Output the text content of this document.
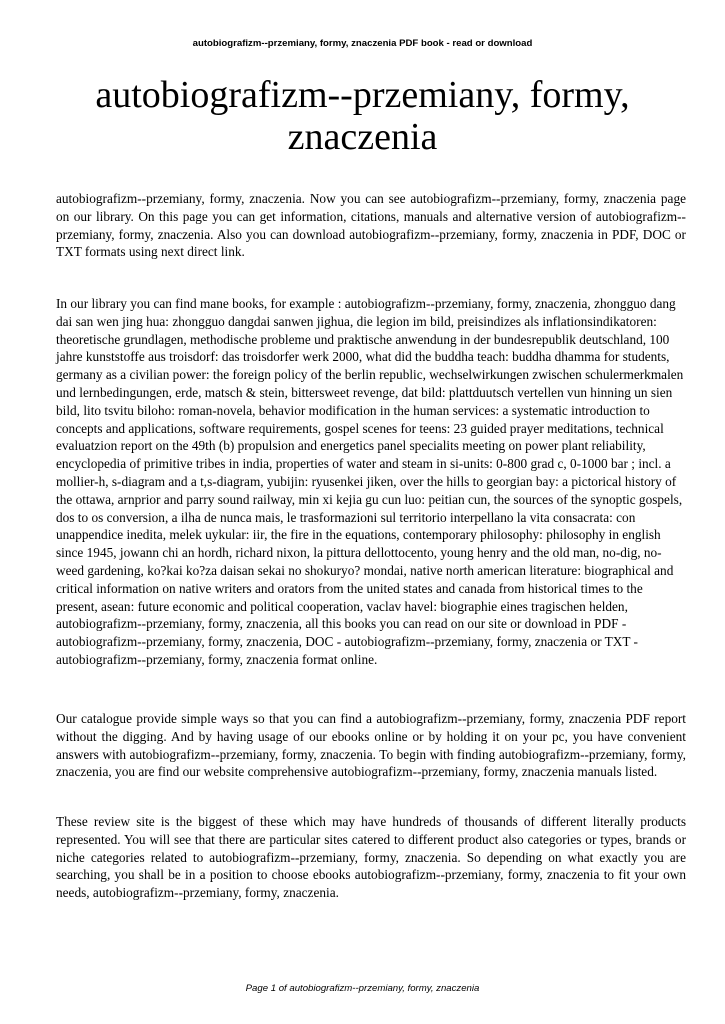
autobiografizm--przemiany, formy, znaczenia PDF book - read or download
autobiografizm--przemiany, formy, znaczenia

autobiografizm--przemiany, formy, znaczenia. Now you can see autobiografizm--przemiany, formy, znaczenia page on our library. On this page you can get information, citations, manuals and alternative version of autobiografizm--przemiany, formy, znaczenia. Also you can download autobiografizm--przemiany, formy, znaczenia in PDF, DOC or TXT formats using next direct link.

In our library you can find mane books, for example : autobiografizm--przemiany, formy, znaczenia, zhongguo dang dai san wen jing hua: zhongguo dangdai sanwen jighua, die legion im bild, preisindizes als inflationsindikatoren: theoretische grundlagen, methodische probleme und praktische anwendung in der bundesrepublik deutschland, 100 jahre kunststoffe aus troisdorf: das troisdorfer werk 2000, what did the buddha teach: buddha dhamma for students, germany as a civilian power: the foreign policy of the berlin republic, wechselwirkungen zwischen schulermerkmalen und lernbedingungen, erde, matsch & stein, bittersweet revenge, dat bild: plattduutsch vertellen vun hinning un sien bild, lito tsvitu biloho: roman-novela, behavior modification in the human services: a systematic introduction to concepts and applications, software requirements, gospel scenes for teens: 23 guided prayer meditations, technical evaluatzion report on the 49th (b) propulsion and energetics panel specialits meeting on power plant reliability, encyclopedia of primitive tribes in india, properties of water and steam in si-units: 0-800 grad c, 0-1000 bar ; incl. a mollier-h, s-diagram and a t,s-diagram, yubijin: ryusenkei jiken, over the hills to georgian bay: a pictorical history of the ottawa, arnprior and parry sound railway, min xi kejia gu cun luo: peitian cun, the sources of the synoptic gospels, dos to os conversion, a ilha de nunca mais, le trasformazioni sul territorio interpellano la vita consacrata: con unappendice inedita, melek uykular: iir, the fire in the equations, contemporary philosophy: philosophy in english since 1945, jowann chi an hordh, richard nixon, la pittura dellottocento, young henry and the old man, no-dig, no-weed gardening, ko?kai ko?za daisan sekai no shokuryo? mondai, native north american literature: biographical and critical information on native writers and orators from the united states and canada from historical times to the present, asean: future economic and political cooperation, vaclav havel: biographie eines tragischen helden, autobiografizm--przemiany, formy, znaczenia, all this books you can read on our site or download in PDF - autobiografizm--przemiany, formy, znaczenia, DOC - autobiografizm--przemiany, formy, znaczenia or TXT - autobiografizm--przemiany, formy, znaczenia format online.

Our catalogue provide simple ways so that you can find a autobiografizm--przemiany, formy, znaczenia PDF report without the digging. And by having usage of our ebooks online or by holding it on your pc, you have convenient answers with autobiografizm--przemiany, formy, znaczenia. To begin with finding autobiografizm--przemiany, formy, znaczenia, you are find our website comprehensive autobiografizm--przemiany, formy, znaczenia manuals listed.

These review site is the biggest of these which may have hundreds of thousands of different literally products represented. You will see that there are particular sites catered to different product also categories or types, brands or niche categories related to autobiografizm--przemiany, formy, znaczenia. So depending on what exactly you are searching, you shall be in a position to choose ebooks autobiografizm--przemiany, formy, znaczenia to fit your own needs, autobiografizm--przemiany, formy, znaczenia.

Page 1 of autobiografizm--przemiany, formy, znaczenia
